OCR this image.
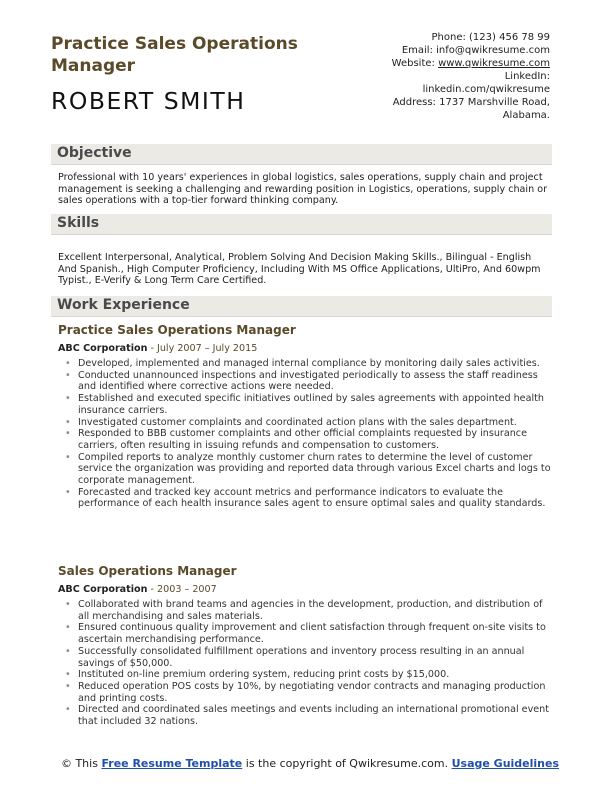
Practice Sales Operations Manager
ROBERT SMITH
Phone: (123) 456 78 99
Email: info@qwikresume.com
Website: www.qwikresume.com
LinkedIn:
linkedin.com/qwikresume
Address: 1737 Marshville Road,
Alabama.
Objective
Professional with 10 years' experiences in global logistics, sales operations, supply chain and project management is seeking a challenging and rewarding position in Logistics, operations, supply chain or sales operations with a top-tier forward thinking company.
Skills
Excellent Interpersonal, Analytical, Problem Solving And Decision Making Skills., Bilingual - English And Spanish., High Computer Proficiency, Including With MS Office Applications, UltiPro, And 60wpm Typist., E-Verify & Long Term Care Certified.
Work Experience
Practice Sales Operations Manager
ABC Corporation - July 2007 – July 2015
• Developed, implemented and managed internal compliance by monitoring daily sales activities.
• Conducted unannounced inspections and investigated periodically to assess the staff readiness and identified where corrective actions were needed.
• Established and executed specific initiatives outlined by sales agreements with appointed health insurance carriers.
• Investigated customer complaints and coordinated action plans with the sales department.
• Responded to BBB customer complaints and other official complaints requested by insurance carriers, often resulting in issuing refunds and compensation to customers.
• Compiled reports to analyze monthly customer churn rates to determine the level of customer service the organization was providing and reported data through various Excel charts and logs to corporate management.
• Forecasted and tracked key account metrics and performance indicators to evaluate the performance of each health insurance sales agent to ensure optimal sales and quality standards.
Sales Operations Manager
ABC Corporation - 2003 – 2007
• Collaborated with brand teams and agencies in the development, production, and distribution of all merchandising and sales materials.
• Ensured continuous quality improvement and client satisfaction through frequent on-site visits to ascertain merchandising performance.
• Successfully consolidated fulfillment operations and inventory process resulting in an annual savings of $50,000.
• Instituted on-line premium ordering system, reducing print costs by $15,000.
• Reduced operation POS costs by 10%, by negotiating vendor contracts and managing production and printing costs.
• Directed and coordinated sales meetings and events including an international promotional event that included 32 nations.
© This Free Resume Template is the copyright of Qwikresume.com. Usage Guidelines
